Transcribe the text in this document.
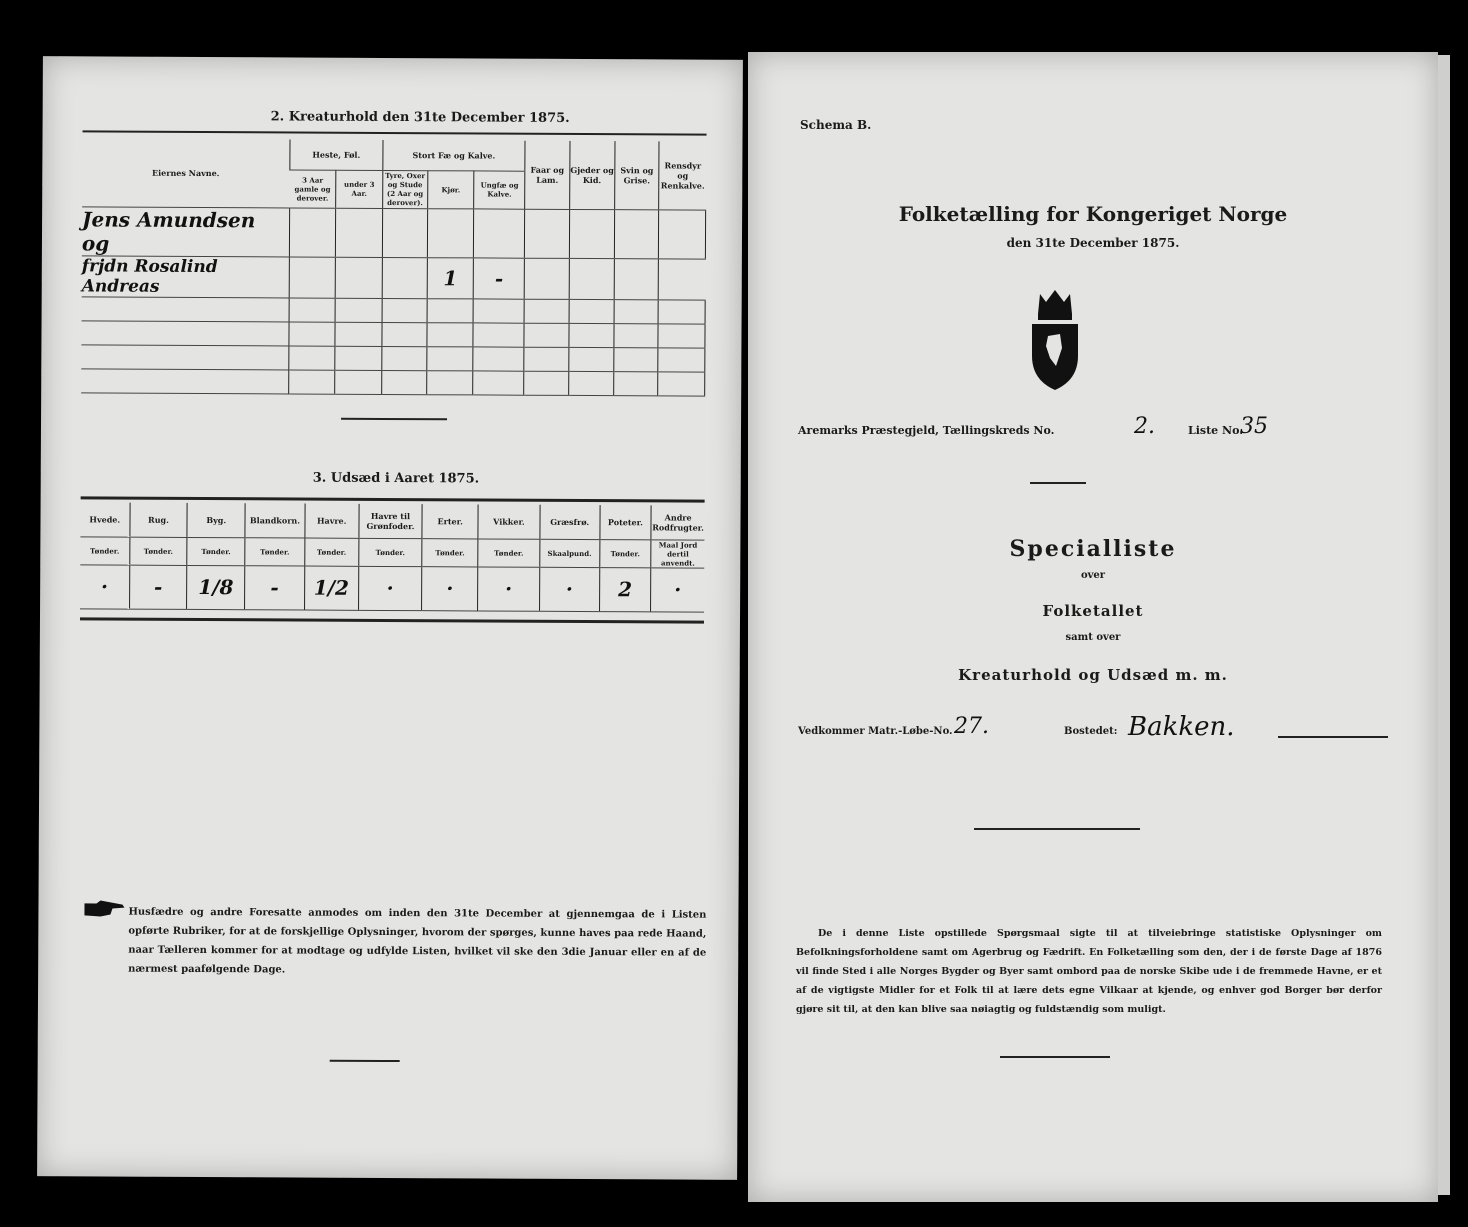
2. Kreaturhold den 31te December 1875.
Eiernes Navne.	Heste, Føl.		Stort Fæ og Kalve.			Faar og Lam.	Gjeder og Kid.	Svin og Grise.	Rensdyr og Renkalve.	
	3 Aar gamle og derover.	under 3 Aar.	Tyre, Oxer og Stude (2 Aar og derover).	Kjør.	Ungfæ og Kalve.					
Jens Amundsen og										
frjdn Rosalind Andreas				1	-					

3. Udsæd i Aaret 1875.
Hvede.	Rug.	Byg.	Blandkorn.	Havre.	Havre til Grønfoder.	Erter.	Vikker.	Græsfrø.	Poteter.	Andre Rodfrugter.
Tønder.	Tønder.	Tønder.	Tønder.	Tønder.	Tønder.	Tønder.	Tønder.	Skaalpund.	Tønder.	Maal Jord dertil anvendt.
·	-	1/8	-	1/2	·	·	·	·	2	·
Husfædre og andre Foresatte anmodes om inden den 31te December at gjennemgaa de i Listen opførte Rubriker, for at de forskjellige Oplysninger, hvorom der spørges, kunne haves paa rede Haand, naar Tælleren kommer for at modtage og udfylde Listen, hvilket vil ske den 3die Januar eller en af de nærmest paafølgende Dage.
Schema B.
Folketælling for Kongeriget Norge
den 31te December 1875.
Aremarks Præstegjeld, Tællingskreds No.	2.	Liste No.
35
Specialliste
over
Folketallet
samt over
Kreaturhold og Udsæd m. m.
Vedkommer Matr.-Løbe-No. 27.	Bostedet: Bakken.
De i denne Liste opstillede Spørgsmaal sigte til at tilveiebringe statistiske Oplysninger om Befolkningsforholdene samt om Agerbrug og Fædrift. En Folketælling som den, der i de første Dage af 1876 vil finde Sted i alle Norges Bygder og Byer samt ombord paa de norske Skibe ude i de fremmede Havne, er et af de vigtigste Midler for et Folk til at lære dets egne Vilkaar at kjende, og enhver god Borger bør derfor gjøre sit til, at den kan blive saa nøiagtig og fuldstændig som muligt.
